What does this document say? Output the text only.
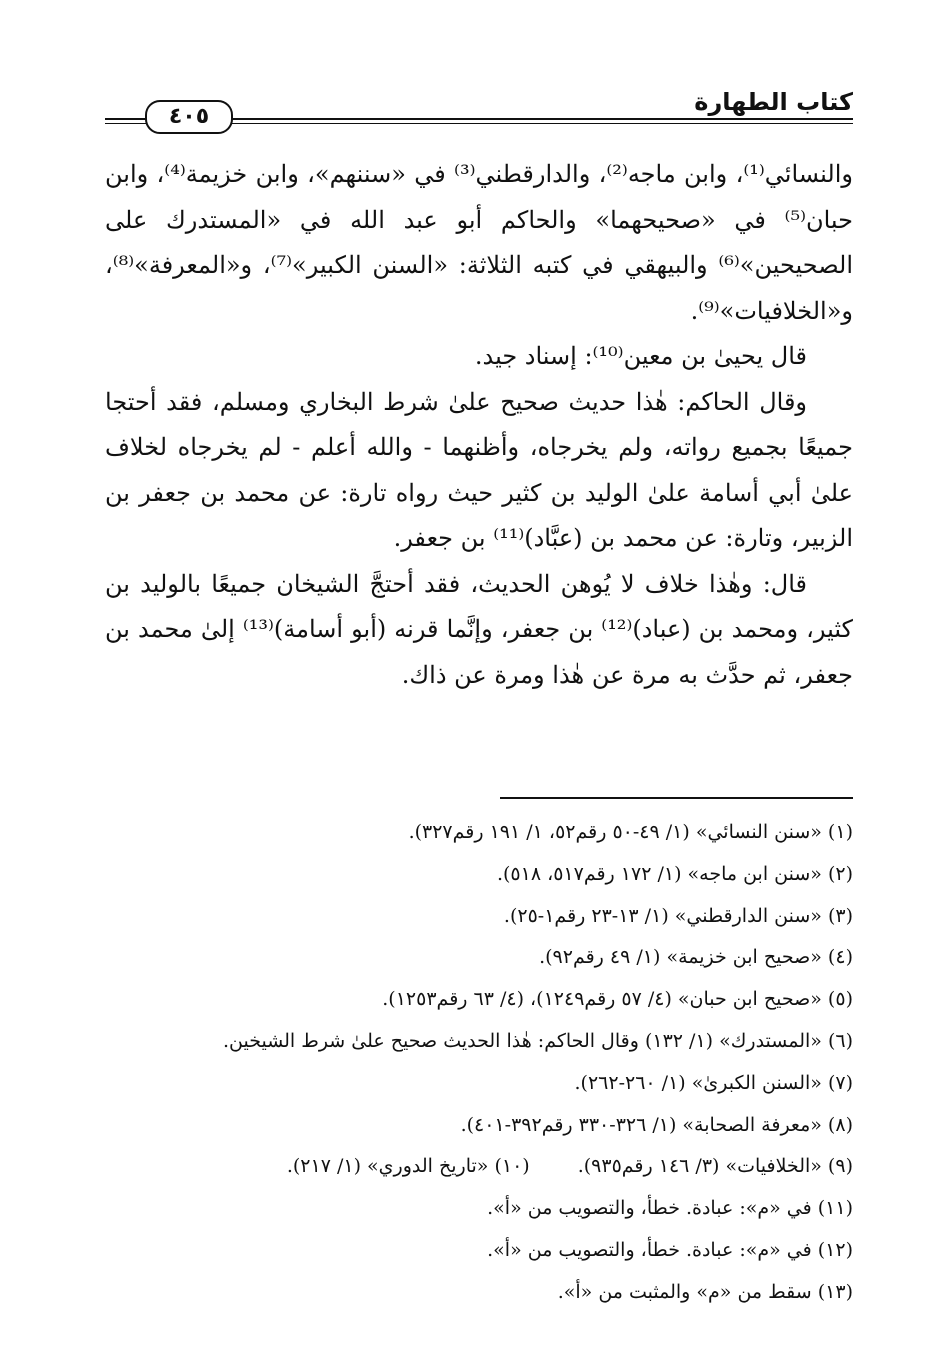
كتاب الطهارة
٤٠٥

والنسائي⁽¹⁾، وابن ماجه⁽²⁾، والدارقطني⁽³⁾ في «سننهم»، وابن خزيمة⁽⁴⁾، وابن حبان⁽⁵⁾ في «صحيحهما» والحاكم أبو عبد الله في «المستدرك على الصحيحين»⁽⁶⁾ والبيهقي في كتبه الثلاثة: «السنن الكبير»⁽⁷⁾، و«المعرفة»⁽⁸⁾، و«الخلافيات»⁽⁹⁾.

قال يحيىٰ بن معين⁽¹⁰⁾: إسناد جيد.

وقال الحاكم: هٰذا حديث صحيح علىٰ شرط البخاري ومسلم، فقد أحتجا جميعًا بجميع رواته، ولم يخرجاه، وأظنهما - والله أعلم - لم يخرجاه لخلاف علىٰ أبي أسامة علىٰ الوليد بن كثير حيث رواه تارة: عن محمد بن جعفر بن الزبير، وتارة: عن محمد بن (عبَّاد)⁽¹¹⁾ بن جعفر.

قال: وهٰذا خلاف لا يُوهن الحديث، فقد أحتجَّ الشيخان جميعًا بالوليد بن كثير، ومحمد بن (عباد)⁽¹²⁾ بن جعفر، وإنَّما قرنه (أبو أسامة)⁽¹³⁾ إلىٰ محمد بن جعفر، ثم حدَّث به مرة عن هٰذا ومرة عن ذاك.

(١) «سنن النسائي» (١/ ٤٩-٥٠ رقم٥٢، ١/ ١٩١ رقم٣٢٧).
(٢) «سنن ابن ماجه» (١/ ١٧٢ رقم٥١٧، ٥١٨).
(٣) «سنن الدارقطني» (١/ ١٣-٢٣ رقم١-٢٥).
(٤) «صحيح ابن خزيمة» (١/ ٤٩ رقم٩٢).
(٥) «صحيح ابن حبان» (٤/ ٥٧ رقم١٢٤٩)، (٤/ ٦٣ رقم١٢٥٣).
(٦) «المستدرك» (١/ ١٣٢) وقال الحاكم: هٰذا الحديث صحيح علىٰ شرط الشيخين.
(٧) «السنن الكبرىٰ» (١/ ٢٦٠-٢٦٢).
(٨) «معرفة الصحابة» (١/ ٣٢٦-٣٣٠ رقم٣٩٢-٤٠١).
(٩) «الخلافيات» (٣/ ١٤٦ رقم٩٣٥).
(١٠) «تاريخ الدوري» (١/ ٢١٧).
(١١) في «م»: عبادة. خطأ، والتصويب من «أ».
(١٢) في «م»: عبادة. خطأ، والتصويب من «أ».
(١٣) سقط من «م» والمثبت من «أ».
